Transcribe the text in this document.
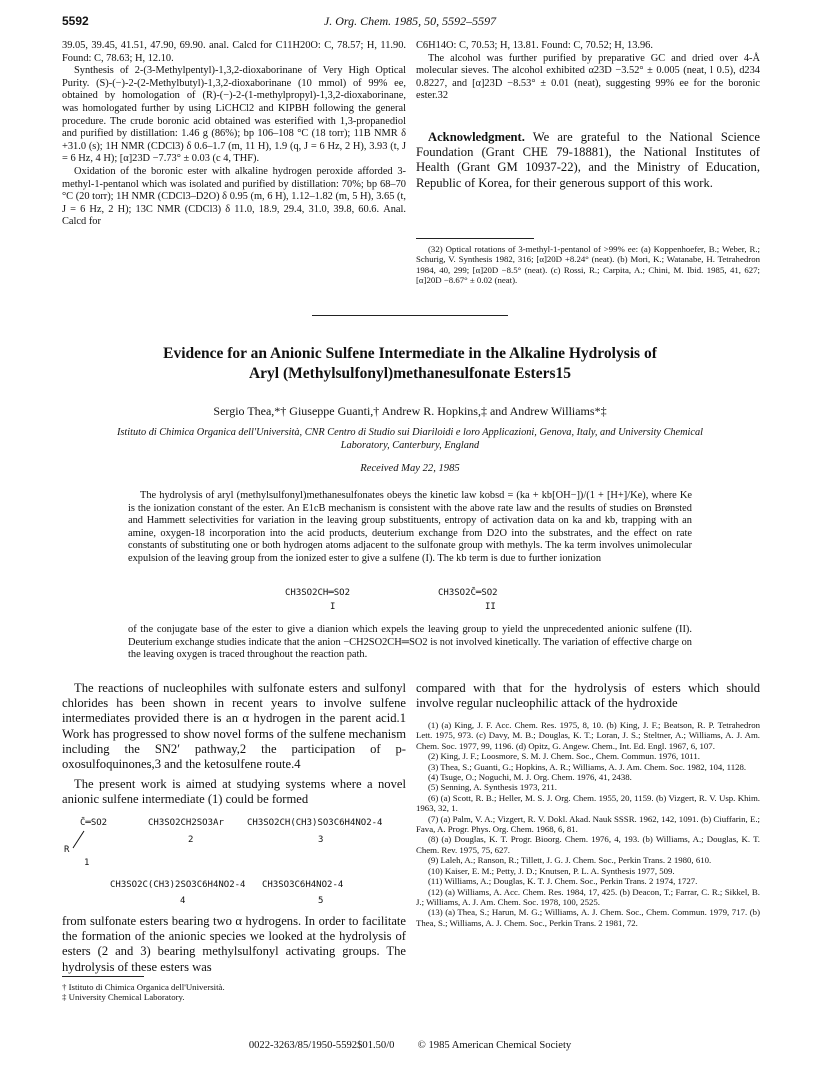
5592	J. Org. Chem. 1985, 50, 5592–5597

39.05, 39.45, 41.51, 47.90, 69.90. anal. Calcd for C11H20O: C, 78.57; H, 11.90. Found: C, 78.63; H, 12.10.

Synthesis of 2-(3-Methylpentyl)-1,3,2-dioxaborinane of Very High Optical Purity. (S)-(−)-2-(2-Methylbutyl)-1,3,2-dioxaborinane (10 mmol) of 99% ee, obtained by homologation of (R)-(−)-2-(1-methylpropyl)-1,3,2-dioxaborinane, was homologated further by using LiCHCl2 and KIPBH following the general procedure. The crude boronic acid obtained was esterified with 1,3-propanediol and purified by distillation: 1.46 g (86%); bp 106–108 °C (18 torr); 11B NMR δ +31.0 (s); 1H NMR (CDCl3) δ 0.6–1.7 (m, 11 H), 1.9 (q, J = 6 Hz, 2 H), 3.93 (t, J = 6 Hz, 4 H); [α]23D −7.73° ± 0.03 (c 4, THF).

Oxidation of the boronic ester with alkaline hydrogen peroxide afforded 3-methyl-1-pentanol which was isolated and purified by distillation: 70%; bp 68–70 °C (20 torr); 1H NMR (CDCl3–D2O) δ 0.95 (m, 6 H), 1.12–1.82 (m, 5 H), 3.65 (t, J = 6 Hz, 2 H); 13C NMR (CDCl3) δ 11.0, 18.9, 29.4, 31.0, 39.8, 60.6. Anal. Calcd for

C6H14O: C, 70.53; H, 13.81. Found: C, 70.52; H, 13.96.

The alcohol was further purified by preparative GC and dried over 4-Å molecular sieves. The alcohol exhibited α23D −3.52° ± 0.005 (neat, l 0.5), d234 0.8227, and [α]23D −8.53° ± 0.01 (neat), suggesting 99% ee for the boronic ester.32

Acknowledgment. We are grateful to the National Science Foundation (Grant CHE 79-18881), the National Institutes of Health (Grant GM 10937-22), and the Ministry of Education, Republic of Korea, for their generous support of this work.

(32) Optical rotations of 3-methyl-1-pentanol of >99% ee: (a) Koppenhoefer, B.; Weber, R.; Schurig, V. Synthesis 1982, 316; [α]20D +8.24° (neat). (b) Mori, K.; Watanabe, H. Tetrahedron 1984, 40, 299; [α]20D −8.5° (neat). (c) Rossi, R.; Carpita, A.; Chini, M. Ibid. 1985, 41, 627; [α]20D −8.67° ± 0.02 (neat).

Evidence for an Anionic Sulfene Intermediate in the Alkaline Hydrolysis of
Aryl (Methylsulfonyl)methanesulfonate Esters15
Sergio Thea,*† Giuseppe Guanti,† Andrew R. Hopkins,‡ and Andrew Williams*‡
Istituto di Chimica Organica dell'Università, CNR Centro di Studio sui Diariloidi e loro Applicazioni, Genova, Italy, and University Chemical Laboratory, Canterbury, England
Received May 22, 1985

The hydrolysis of aryl (methylsulfonyl)methanesulfonates obeys the kinetic law kobsd = (ka + kb[OH−])/(1 + [H+]/Ke), where Ke is the ionization constant of the ester. An E1cB mechanism is consistent with the above rate law and the results of studies on Brønsted and Hammett selectivities for variation in the leaving group substituents, entropy of activation data on ka and kb, trapping with an amine, oxygen-18 incorporation into the acid products, deuterium exchange from D2O into the substrates, and the effect on rate constants of substituting one or both hydrogen atoms adjacent to the sulfonate group with methyls. The ka term involves unimolecular expulsion of the leaving group from the ionized ester to give a sulfene (I). The kb term is due to further ionization

CH3SO2CH═SO2	CH3SO2C̄═SO2
I	II

of the conjugate base of the ester to give a dianion which expels the leaving group to yield the unprecedented anionic sulfene (II). Deuterium exchange studies indicate that the anion −CH2SO2CH═SO2 is not involved kinetically. The variation of effective charge on the leaving oxygen is traced throughout the reaction path.

The reactions of nucleophiles with sulfonate esters and sulfonyl chlorides has been shown in recent years to involve sulfene intermediates provided there is an α hydrogen in the parent acid.1 Work has progressed to show novel forms of the sulfene mechanism including the SN2′ pathway,2 the participation of p-oxosulfoquinones,3 and the ketosulfene route.4

The present work is aimed at studying systems where a novel anionic sulfene intermediate (1) could be formed

C̄═SO2
R
1
CH3SO2CH2SO3Ar
2
CH3SO2CH(CH3)SO3C6H4NO2-4
3
CH3SO2C(CH3)2SO3C6H4NO2-4
4
CH3SO3C6H4NO2-4
5

from sulfonate esters bearing two α hydrogens. In order to facilitate the formation of the anionic species we looked at the hydrolysis of esters (2 and 3) bearing methylsulfonyl activating groups. The hydrolysis of these esters was

† Istituto di Chimica Organica dell'Università.

‡ University Chemical Laboratory.

compared with that for the hydrolysis of esters which should involve regular nucleophilic attack of the hydroxide

(1) (a) King, J. F. Acc. Chem. Res. 1975, 8, 10. (b) King, J. F.; Beatson, R. P. Tetrahedron Lett. 1975, 973. (c) Davy, M. B.; Douglas, K. T.; Loran, J. S.; Steltner, A.; Williams, A. J. Am. Chem. Soc. 1977, 99, 1196. (d) Opitz, G. Angew. Chem., Int. Ed. Engl. 1967, 6, 107.

(2) King, J. F.; Loosmore, S. M. J. Chem. Soc., Chem. Commun. 1976, 1011.

(3) Thea, S.; Guanti, G.; Hopkins, A. R.; Williams, A. J. Am. Chem. Soc. 1982, 104, 1128.

(4) Tsuge, O.; Noguchi, M. J. Org. Chem. 1976, 41, 2438.

(5) Senning, A. Synthesis 1973, 211.

(6) (a) Scott, R. B.; Heller, M. S. J. Org. Chem. 1955, 20, 1159. (b) Vizgert, R. V. Usp. Khim. 1963, 32, 1.

(7) (a) Palm, V. A.; Vizgert, R. V. Dokl. Akad. Nauk SSSR. 1962, 142, 1091. (b) Ciuffarin, E.; Fava, A. Progr. Phys. Org. Chem. 1968, 6, 81.

(8) (a) Douglas, K. T. Progr. Bioorg. Chem. 1976, 4, 193. (b) Williams, A.; Douglas, K. T. Chem. Rev. 1975, 75, 627.

(9) Laleh, A.; Ranson, R.; Tillett, J. G. J. Chem. Soc., Perkin Trans. 2 1980, 610.

(10) Kaiser, E. M.; Petty, J. D.; Knutsen, P. L. A. Synthesis 1977, 509.

(11) Williams, A.; Douglas, K. T. J. Chem. Soc., Perkin Trans. 2 1974, 1727.

(12) (a) Williams, A. Acc. Chem. Res. 1984, 17, 425. (b) Deacon, T.; Farrar, C. R.; Sikkel, B. J.; Williams, A. J. Am. Chem. Soc. 1978, 100, 2525.

(13) (a) Thea, S.; Harun, M. G.; Williams, A. J. Chem. Soc., Chem. Commun. 1979, 717. (b) Thea, S.; Williams, A. J. Chem. Soc., Perkin Trans. 2 1981, 72.

0022-3263/85/1950-5592$01.50/0 © 1985 American Chemical Society
